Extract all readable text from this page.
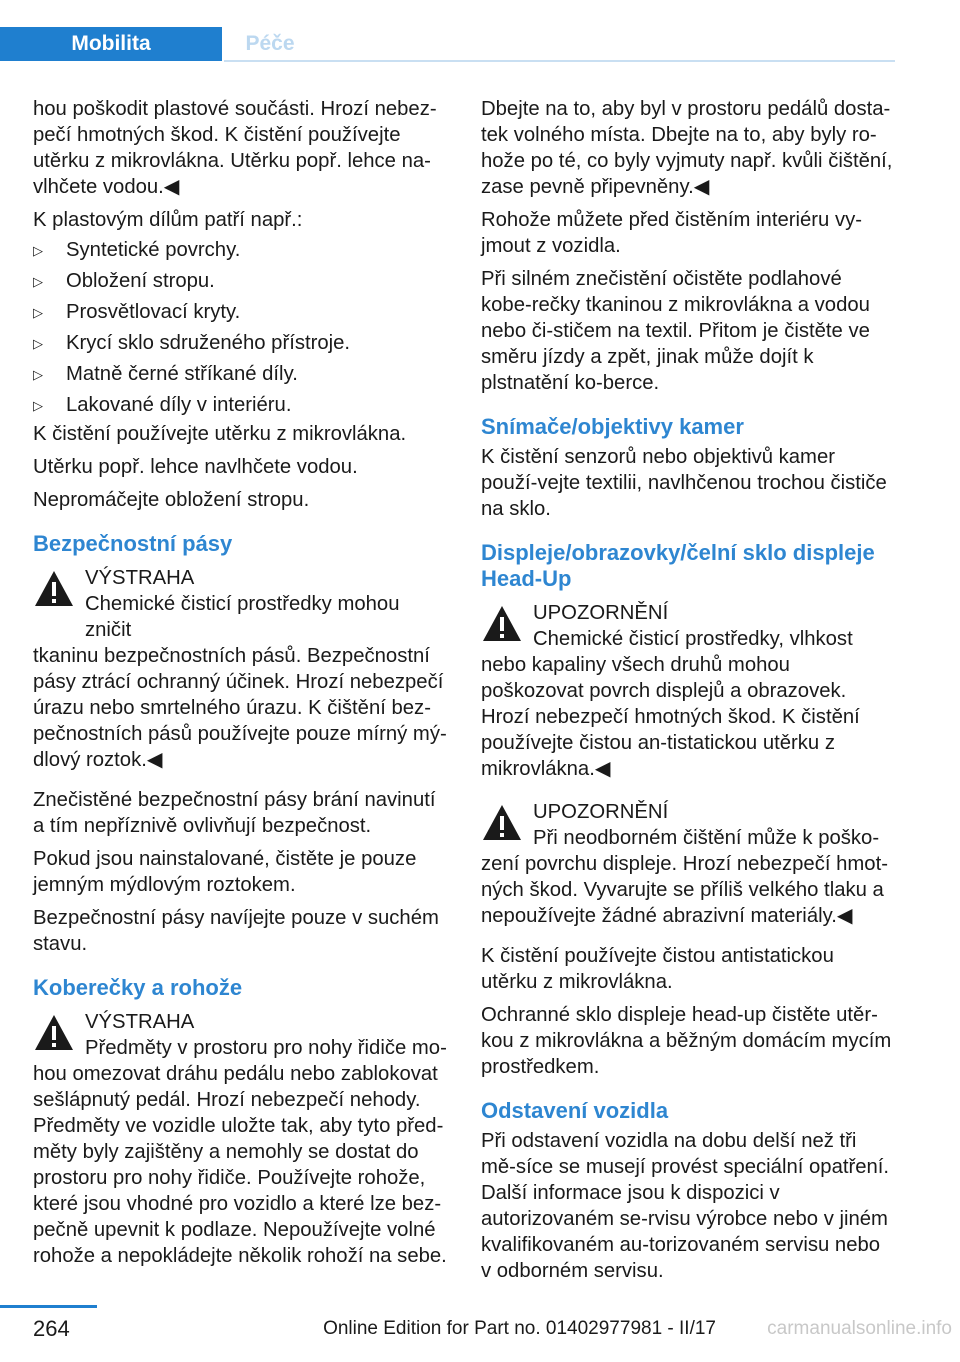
Mobilita	Péče

hou poškodit plastové součásti. Hrozí nebez-pečí hmotných škod. K čistění používejte utěrku z mikrovlákna. Utěrku popř. lehce na-vlhčete vodou.◀

K plastovým dílům patří např.:

▷ Syntetické povrchy.
▷ Obložení stropu.
▷ Prosvětlovací kryty.
▷ Krycí sklo sdruženého přístroje.
▷ Matně černé stříkané díly.
▷ Lakované díly v interiéru.

K čistění používejte utěrku z mikrovlákna.

Utěrku popř. lehce navlhčete vodou.

Nepromáčejte obložení stropu.

Bezpečnostní pásy

VÝSTRAHA

Chemické čisticí prostředky mohou zničit

tkaninu bezpečnostních pásů. Bezpečnostní pásy ztrácí ochranný účinek. Hrozí nebezpečí úrazu nebo smrtelného úrazu. K čištění bez-pečnostních pásů používejte pouze mírný mý-dlový roztok.◀

Znečistěné bezpečnostní pásy brání navinutí a tím nepříznivě ovlivňují bezpečnost.

Pokud jsou nainstalované, čistěte je pouze jemným mýdlovým roztokem.

Bezpečnostní pásy navíjejte pouze v suchém stavu.

Koberečky a rohože

VÝSTRAHA

Předměty v prostoru pro nohy řidiče mo-

hou omezovat dráhu pedálu nebo zablokovat sešlápnutý pedál. Hrozí nebezpečí nehody. Předměty ve vozidle uložte tak, aby tyto před-měty byly zajištěny a nemohly se dostat do prostoru pro nohy řidiče. Používejte rohože, které jsou vhodné pro vozidlo a které lze bez-pečně upevnit k podlaze. Nepoužívejte volné rohože a nepokládejte několik rohoží na sebe.

Dbejte na to, aby byl v prostoru pedálů dosta-tek volného místa. Dbejte na to, aby byly ro-hože po té, co byly vyjmuty např. kvůli čištění, zase pevně připevněny.◀

Rohože můžete před čistěním interiéru vy-jmout z vozidla.

Při silném znečistění očistěte podlahové kobe-rečky tkaninou z mikrovlákna a vodou nebo či-stičem na textil. Přitom je čistěte ve směru jízdy a zpět, jinak může dojít k plstnatění ko-berce.

Snímače/objektivy kamer

K čistění senzorů nebo objektivů kamer použí-vejte textilii, navlhčenou trochou čističe na sklo.

Displeje/obrazovky/čelní sklo displeje Head-Up

UPOZORNĚNÍ

Chemické čisticí prostředky, vlhkost

nebo kapaliny všech druhů mohou poškozovat povrch displejů a obrazovek. Hrozí nebezpečí hmotných škod. K čistění používejte čistou an-tistatickou utěrku z mikrovlákna.◀

UPOZORNĚNÍ

Při neodborném čištění může k poško-

zení povrchu displeje. Hrozí nebezpečí hmot-ných škod. Vyvarujte se příliš velkého tlaku a nepoužívejte žádné abrazivní materiály.◀

K čistění používejte čistou antistatickou utěrku z mikrovlákna.

Ochranné sklo displeje head-up čistěte utěr-kou z mikrovlákna a běžným domácím mycím prostředkem.

Odstavení vozidla

Při odstavení vozidla na dobu delší než tři mě-síce se musejí provést speciální opatření. Další informace jsou k dispozici v autorizovaném se-rvisu výrobce nebo v jiném kvalifikovaném au-torizovaném servisu nebo v odborném servisu.

264	Online Edition for Part no. 01402977981 - II/17	carmanualsonline.info
